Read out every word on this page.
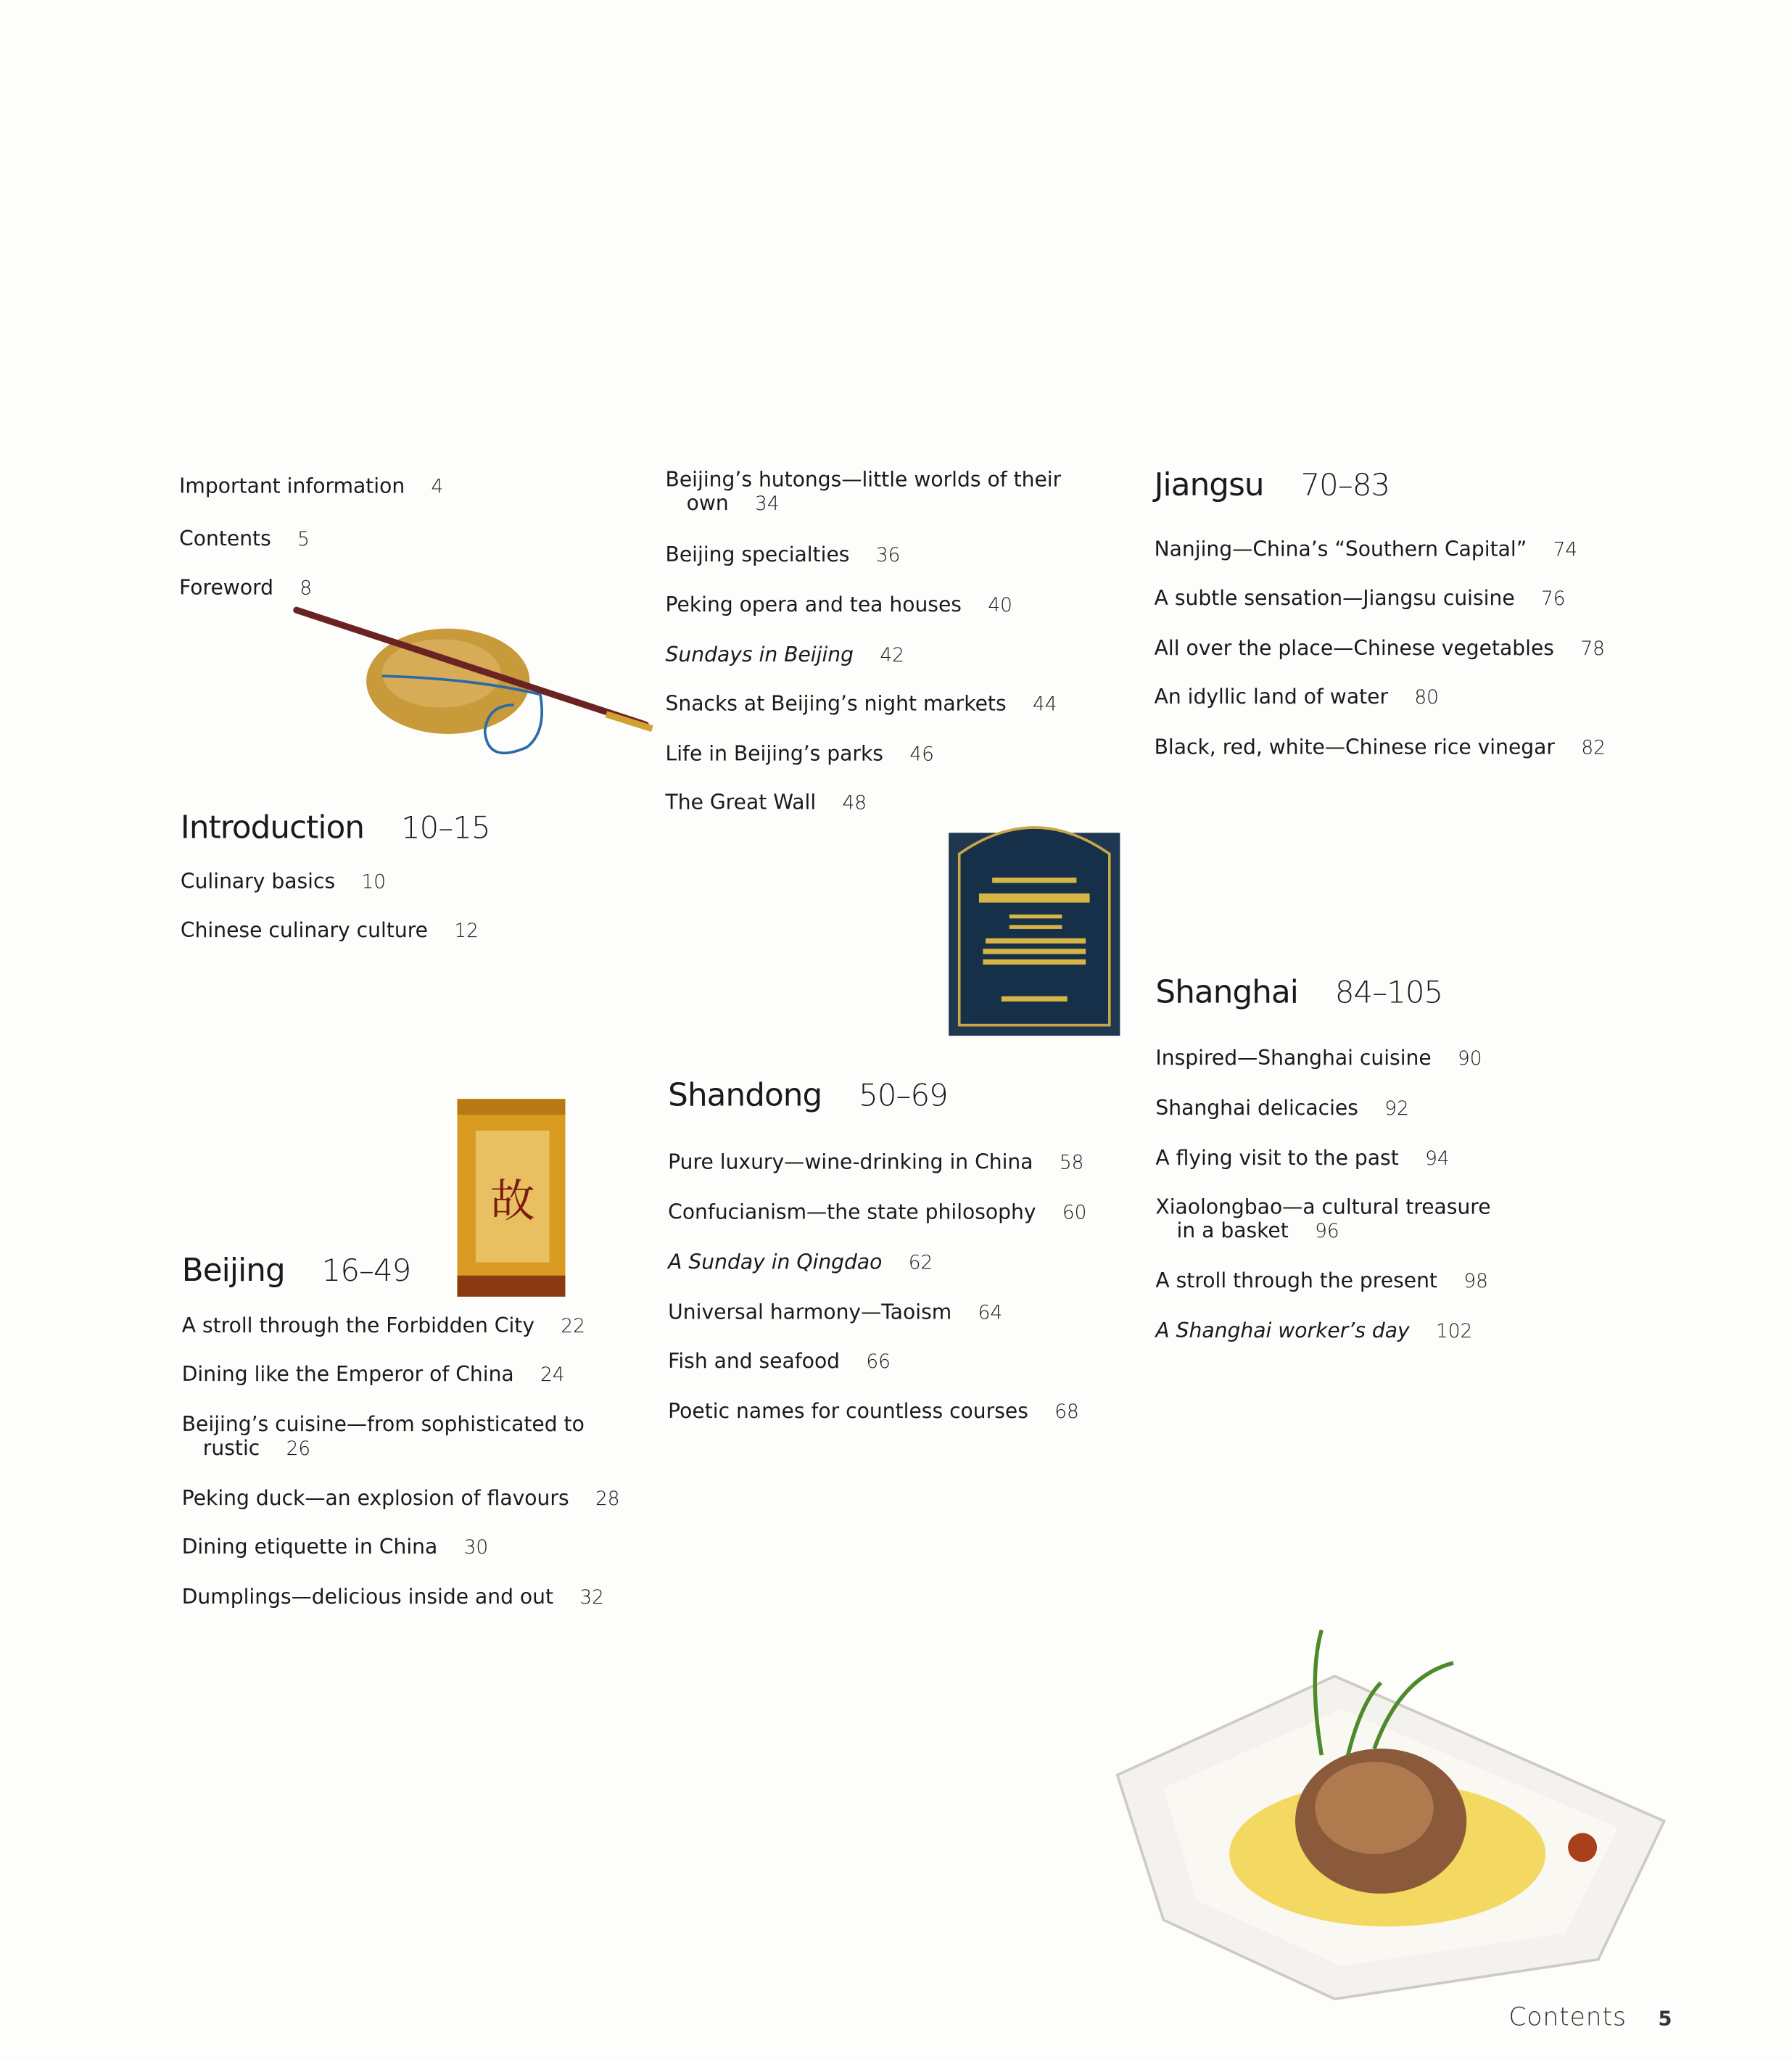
故
Important information	4
Contents	5
Foreword	8
Introduction 10–15
Culinary basics	10
Chinese culinary culture	12
Beijing 16–49
A stroll through the Forbidden City	22
Dining like the Emperor of China	24
Beijing’s cuisine—from sophisticated to
rustic	26
Peking duck—an explosion of flavours	28
Dining etiquette in China	30
Dumplings—delicious inside and out	32
Beijing’s hutongs—little worlds of their
own	34
Beijing specialties	36
Peking opera and tea houses	40
Sundays in Beijing	42
Snacks at Beijing’s night markets	44
Life in Beijing’s parks	46
The Great Wall	48
Shandong 50–69
Pure luxury—wine-drinking in China	58
Confucianism—the state philosophy	60
A Sunday in Qingdao	62
Universal harmony—Taoism	64
Fish and seafood	66
Poetic names for countless courses	68
Jiangsu 70–83
Nanjing—China’s “Southern Capital”	74
A subtle sensation—Jiangsu cuisine	76
All over the place—Chinese vegetables	78
An idyllic land of water	80
Black, red, white—Chinese rice vinegar	82
Shanghai 84–105
Inspired—Shanghai cuisine	90
Shanghai delicacies	92
A flying visit to the past	94
Xiaolongbao—a cultural treasure
in a basket	96
A stroll through the present	98
A Shanghai worker’s day	102
Contents	5
